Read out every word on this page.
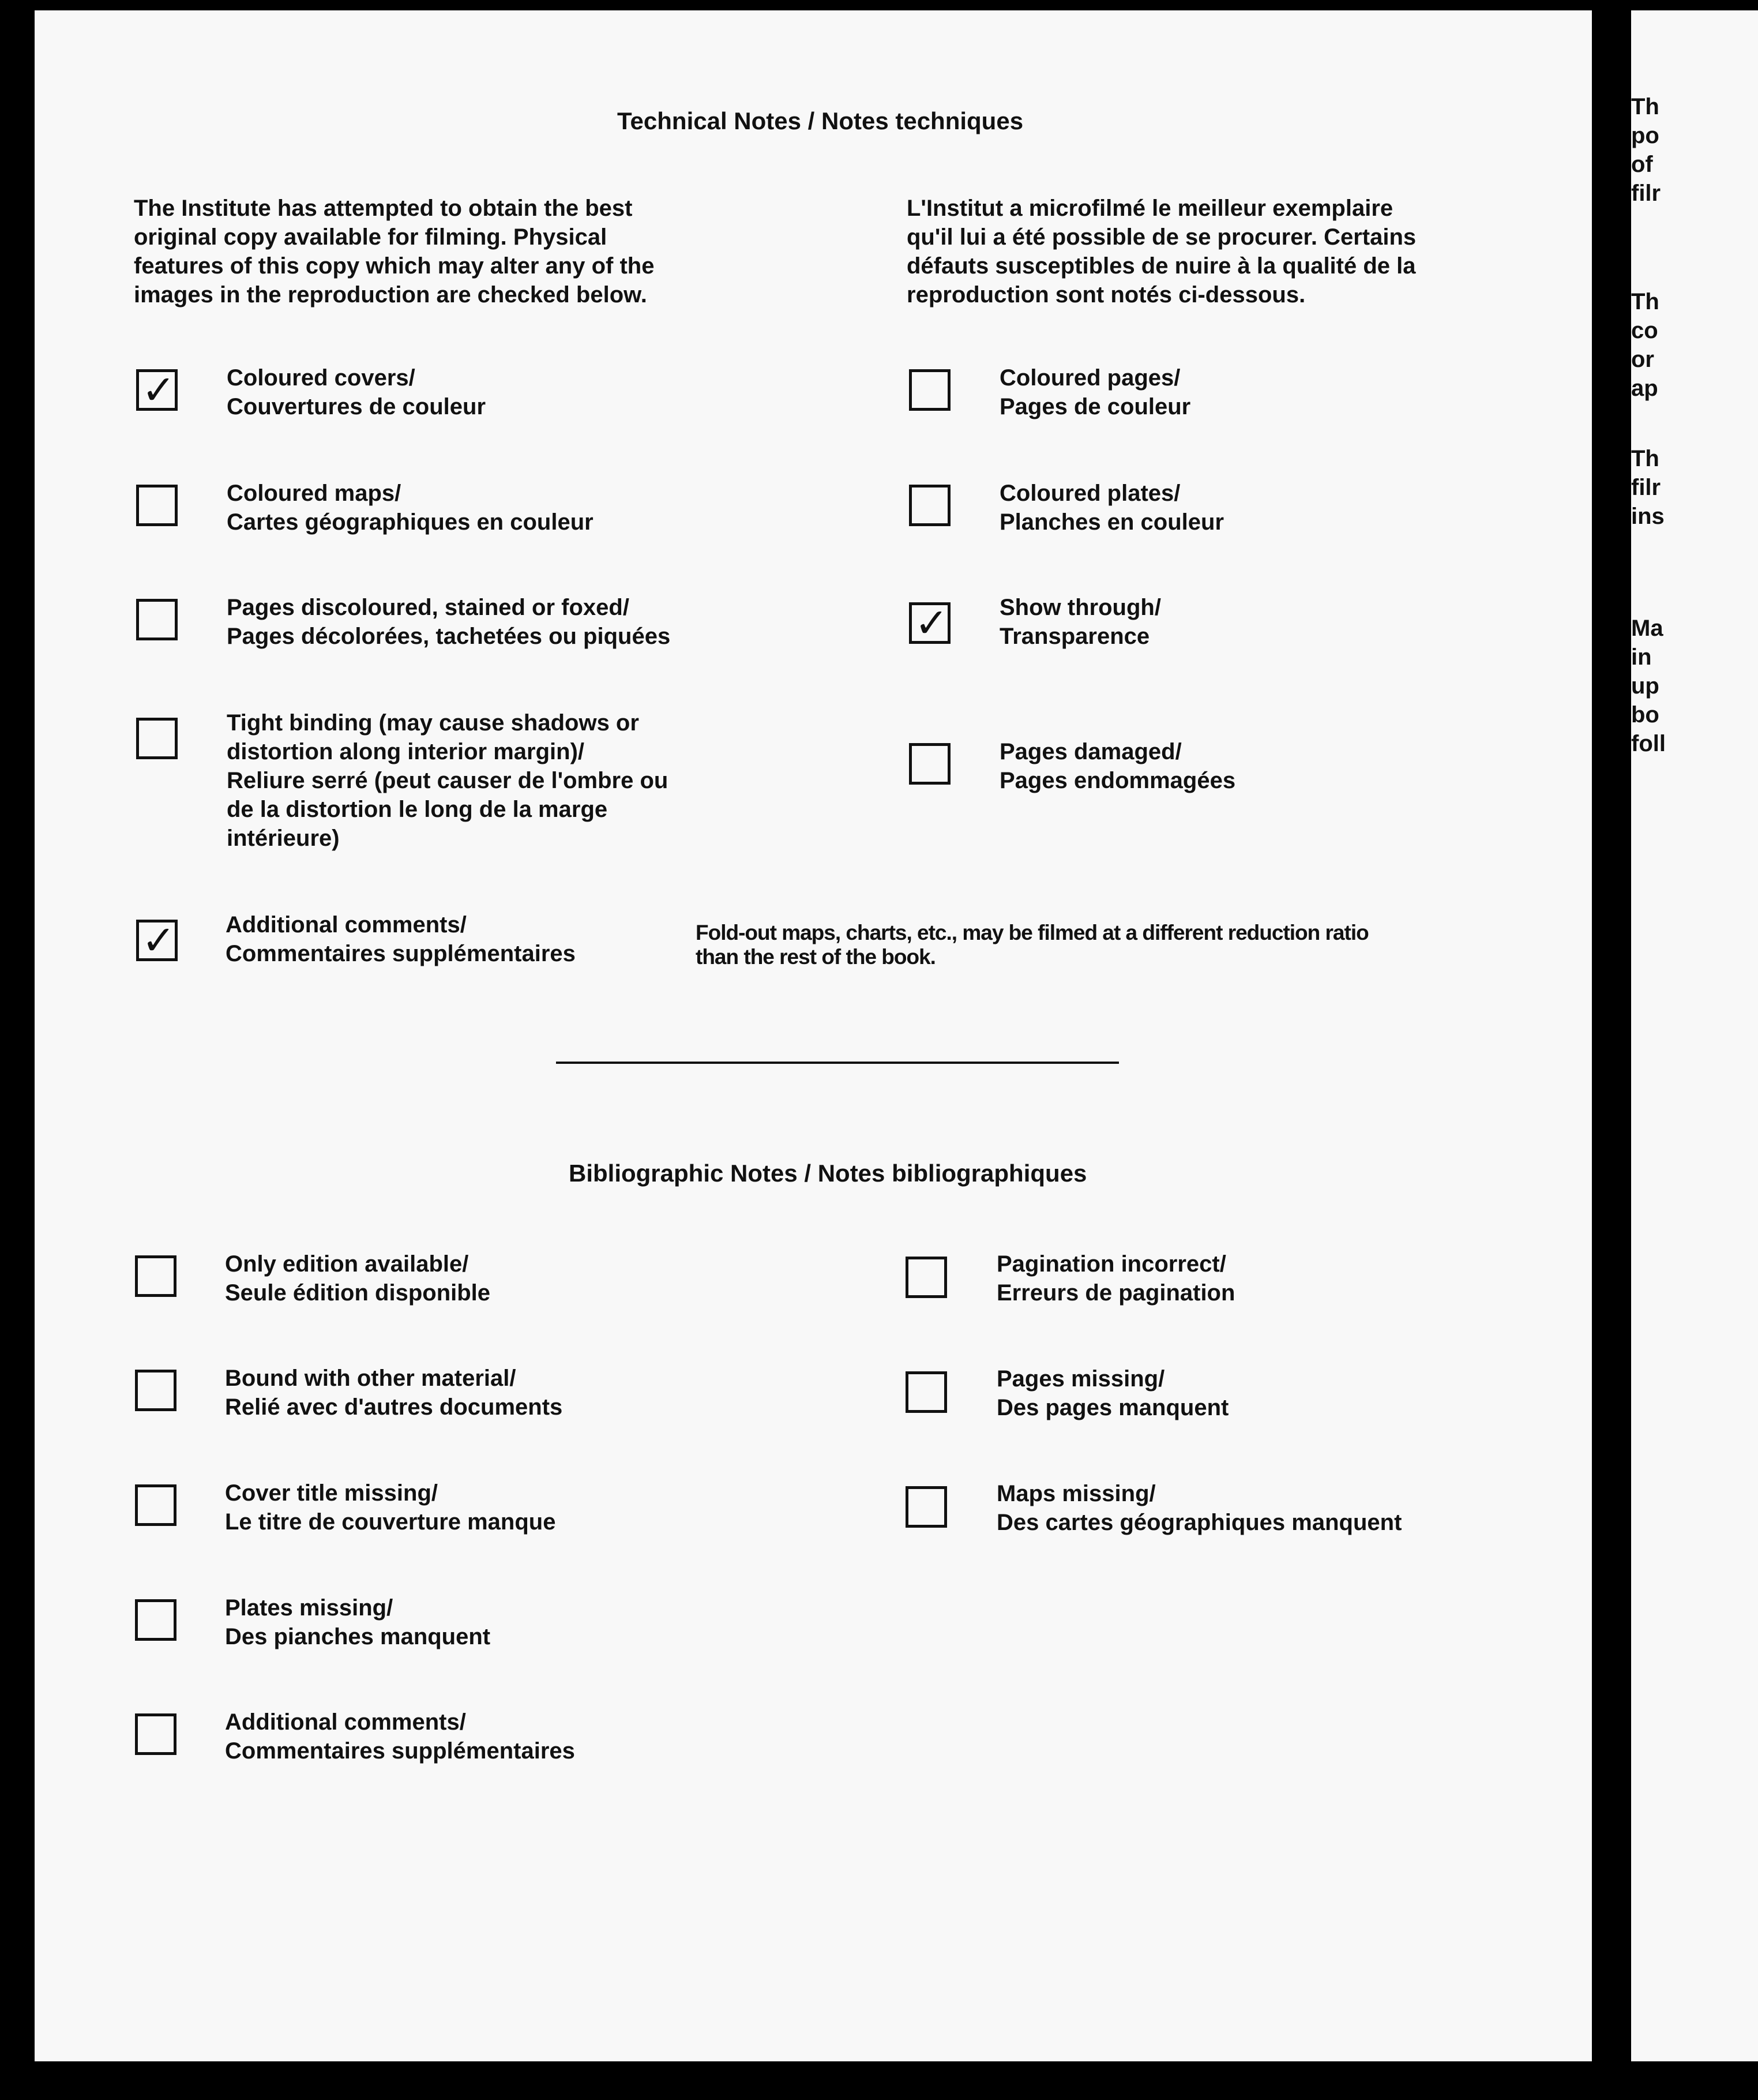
Technical Notes / Notes techniques
The Institute has attempted to obtain the best
original copy available for filming. Physical
features of this copy which may alter any of the
images in the reproduction are checked below.
L'Institut a microfilmé le meilleur exemplaire
qu'il lui a été possible de se procurer. Certains
défauts susceptibles de nuire à la qualité de la
reproduction sont notés ci-dessous.
✓ Coloured covers/
Couvertures de couleur
Coloured maps/
Cartes géographiques en couleur
Pages discoloured, stained or foxed/
Pages décolorées, tachetées ou piquées
Tight binding (may cause shadows or
distortion along interior margin)/
Reliure serré (peut causer de l'ombre ou
de la distortion le long de la marge
intérieure)
Coloured pages/
Pages de couleur
Coloured plates/
Planches en couleur
✓ Show through/
Transparence
Pages damaged/
Pages endommagées
✓ Additional comments/
Commentaires supplémentaires
Fold-out maps, charts, etc., may be filmed at a different reduction ratio
than the rest of the book.
Bibliographic Notes / Notes bibliographiques
Only edition available/
Seule édition disponible
Bound with other material/
Relié avec d'autres documents
Cover title missing/
Le titre de couverture manque
Plates missing/
Des pianches manquent
Additional comments/
Commentaires supplémentaires
Pagination incorrect/
Erreurs de pagination
Pages missing/
Des pages manquent
Maps missing/
Des cartes géographiques manquent
Th
po
of
filr
Th
co
or
ap
Th
filr
ins
Ma
in
up
bo
foll
